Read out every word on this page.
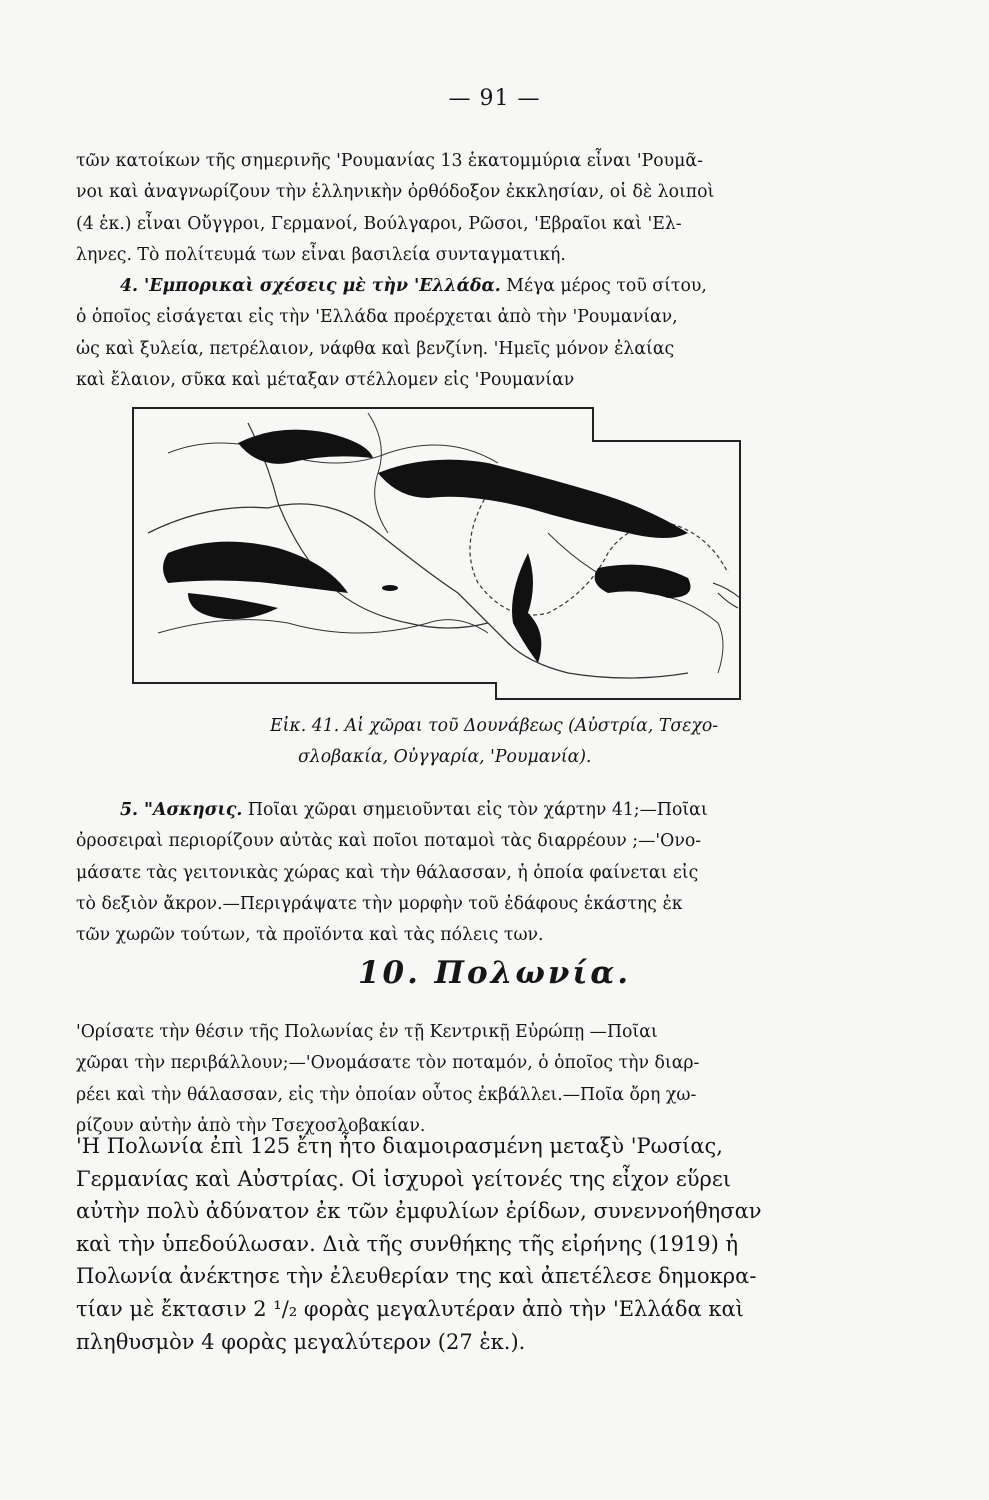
— 91 —

τῶν κατοίκων τῆς σημερινῆς 'Ρουμανίας 13 ἑκατομμύρια εἶναι 'Ρουμᾶ-
νοι καὶ ἀναγνωρίζουν τὴν ἑλληνικὴν ὀρθόδοξον ἐκκλησίαν, οἱ δὲ λοιποὶ
(4 ἑκ.) εἶναι Οὔγγροι, Γερμανοί, Βούλγαροι, Ρῶσοι, 'Εβραῖοι καὶ 'Ελ-
ληνες. Τὸ πολίτευμά των εἶναι βασιλεία συνταγματική.

4. 'Εμπορικαὶ σχέσεις μὲ τὴν 'Ελλάδα. Μέγα μέρος τοῦ σίτου,
ὁ ὁποῖος εἰσάγεται εἰς τὴν 'Ελλάδα προέρχεται ἀπὸ τὴν 'Ρουμανίαν,
ὡς καὶ ξυλεία, πετρέλαιον, νάφθα καὶ βενζίνη. 'Ημεῖς μόνον ἐλαίας
καὶ ἔλαιον, σῦκα καὶ μέταξαν στέλλομεν εἰς 'Ρουμανίαν

Εἰκ. 41. Αἱ χῶραι τοῦ Δουνάβεως (Αὐστρία, Τσεχο-
σλοβακία, Οὐγγαρία, 'Ρουμανία).

5. "Ασκησις. Ποῖαι χῶραι σημειοῦνται εἰς τὸν χάρτην 41;—Ποῖαι
ὀροσειραὶ περιορίζουν αὐτὰς καὶ ποῖοι ποταμοὶ τὰς διαρρέουν ;—'Ονο-
μάσατε τὰς γειτονικὰς χώρας καὶ τὴν θάλασσαν, ἡ ὁποία φαίνεται εἰς
τὸ δεξιὸν ἄκρον.—Περιγράψατε τὴν μορφὴν τοῦ ἐδάφους ἑκάστης ἐκ
τῶν χωρῶν τούτων, τὰ προϊόντα καὶ τὰς πόλεις των.

10. Πολωνία.

'Ορίσατε τὴν θέσιν τῆς Πολωνίας ἐν τῇ Κεντρικῇ Εὐρώπῃ —Ποῖαι
χῶραι τὴν περιβάλλουν;—'Ονομάσατε τὸν ποταμόν, ὁ ὁποῖος τὴν διαρ-
ρέει καὶ τὴν θάλασσαν, εἰς τὴν ὁποίαν οὗτος ἐκβάλλει.—Ποῖα ὄρη χω-
ρίζουν αὐτὴν ἀπὸ τὴν Τσεχοσλοβακίαν.

'Η Πολωνία ἐπὶ 125 ἔτη ἦτο διαμοιρασμένη μεταξὺ 'Ρωσίας,
Γερμανίας καὶ Αὐστρίας. Οἱ ἰσχυροὶ γείτονές της εἶχον εὕρει
αὐτὴν πολὺ ἀδύνατον ἐκ τῶν ἐμφυλίων ἐρίδων, συνεννοήθησαν
καὶ τὴν ὑπεδούλωσαν. Διὰ τῆς συνθήκης τῆς εἰρήνης (1919) ἡ
Πολωνία ἀνέκτησε τὴν ἐλευθερίαν της καὶ ἀπετέλεσε δημοκρα-
τίαν μὲ ἔκτασιν 2 ¹/₂ φορὰς μεγαλυτέραν ἀπὸ τὴν 'Ελλάδα καὶ
πληθυσμὸν 4 φορὰς μεγαλύτερον (27 ἑκ.).
